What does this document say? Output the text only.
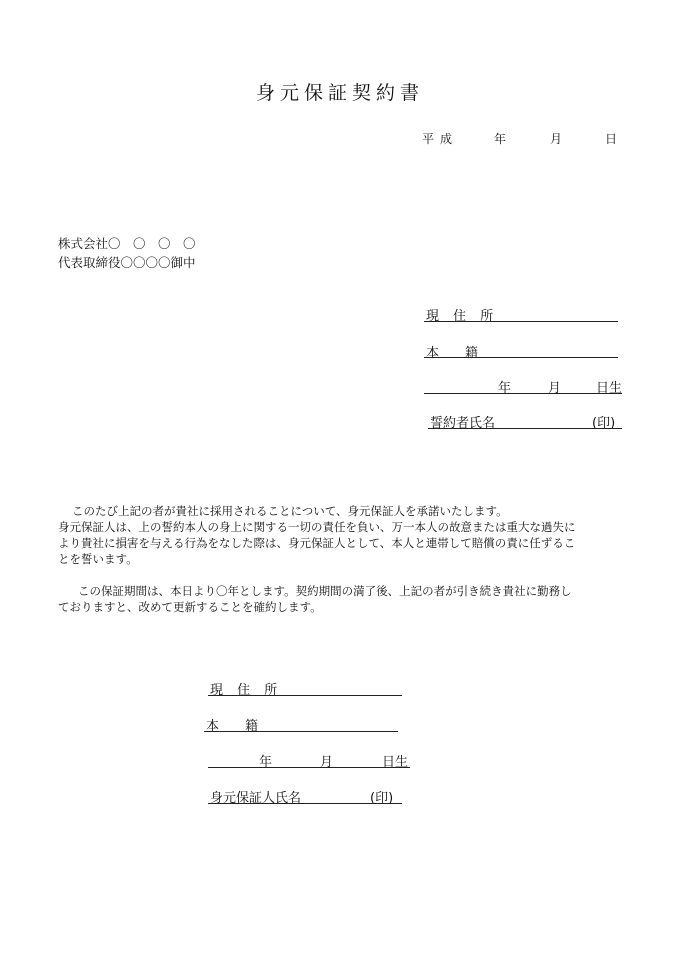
身元保証契約書
平成	年	月	日
株式会社〇　〇　〇　〇
代表取締役〇〇〇〇御中
現 住 所
本　　籍
年	月	日生
誓約者氏名	(印)
このたび上記の者が貴社に採用されることについて、身元保証人を承諾いたします。
身元保証人は、上の誓約本人の身上に関する一切の責任を負い、万一本人の故意または重大な過失に
より貴社に損害を与える行為をなした際は、身元保証人として、本人と連帯して賠償の責に任ずるこ
とを誓います。
この保証期間は、本日より〇年とします。契約期間の満了後、上記の者が引き続き貴社に勤務し
ておりますと、改めて更新することを確約します。
現 住 所
本　　籍
年	月	日生
身元保証人氏名	(印)
